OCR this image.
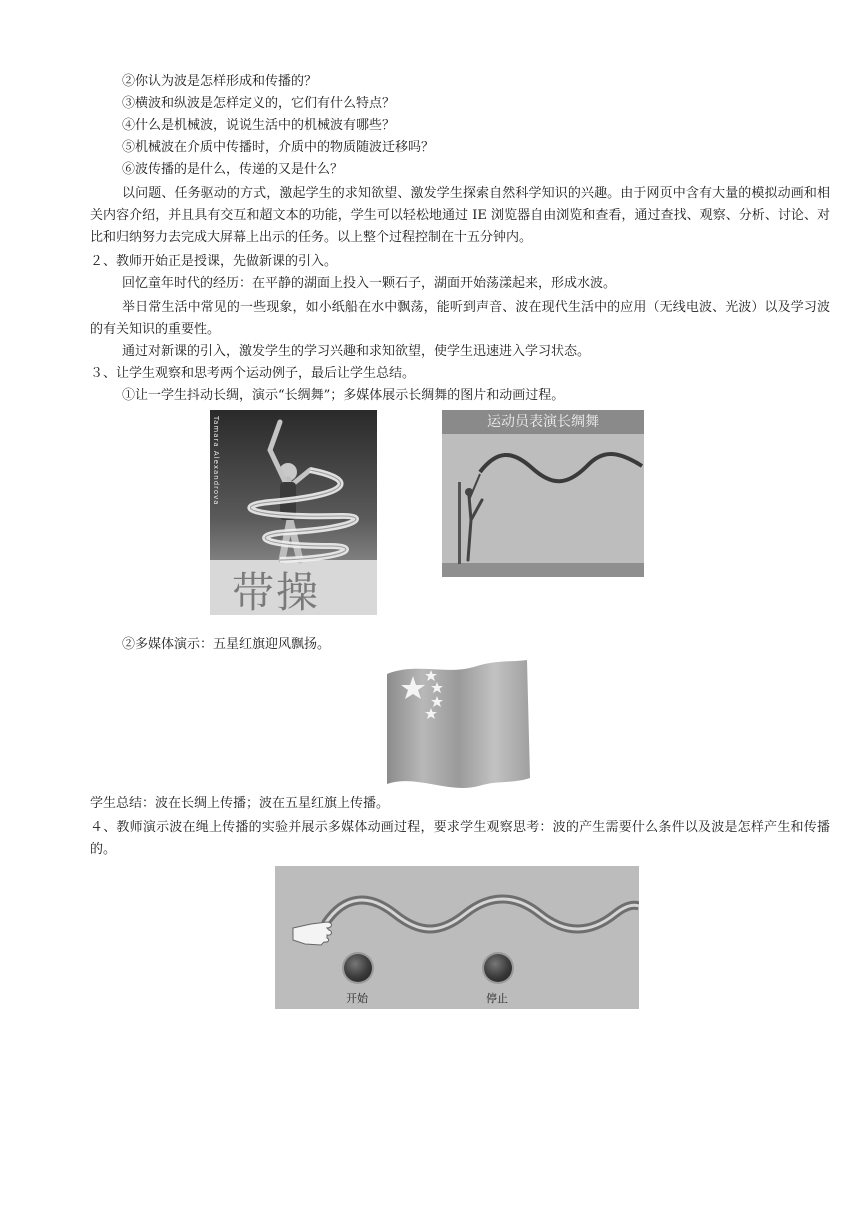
②你认为波是怎样形成和传播的？
③横波和纵波是怎样定义的，它们有什么特点？
④什么是机械波，说说生活中的机械波有哪些？
⑤机械波在介质中传播时，介质中的物质随波迁移吗？
⑥波传播的是什么，传递的又是什么？
以问题、任务驱动的方式，激起学生的求知欲望、激发学生探索自然科学知识的兴趣。由于网页中含有大量的模拟动画和相关内容介绍，并且具有交互和超文本的功能，学生可以轻松地通过 IE 浏览器自由浏览和查看，通过查找、观察、分析、讨论、对比和归纳努力去完成大屏幕上出示的任务。以上整个过程控制在十五分钟内。
２、教师开始正是授课，先做新课的引入。
回忆童年时代的经历：在平静的湖面上投入一颗石子，湖面开始荡漾起来，形成水波。
举日常生活中常见的一些现象，如小纸船在水中飘荡，能听到声音、波在现代生活中的应用（无线电波、光波）以及学习波的有关知识的重要性。
通过对新课的引入，激发学生的学习兴趣和求知欲望，使学生迅速进入学习状态。
３、让学生观察和思考两个运动例子，最后让学生总结。
①让一学生抖动长绸，演示“长绸舞”；多媒体展示长绸舞的图片和动画过程。
Tamara Alexandrova
带操
运动员表演长绸舞
②多媒体演示：五星红旗迎风飘扬。
学生总结：波在长绸上传播；波在五星红旗上传播。
４、教师演示波在绳上传播的实验并展示多媒体动画过程，要求学生观察思考：波的产生需要什么条件以及波是怎样产生和传播的。
开始	停止
